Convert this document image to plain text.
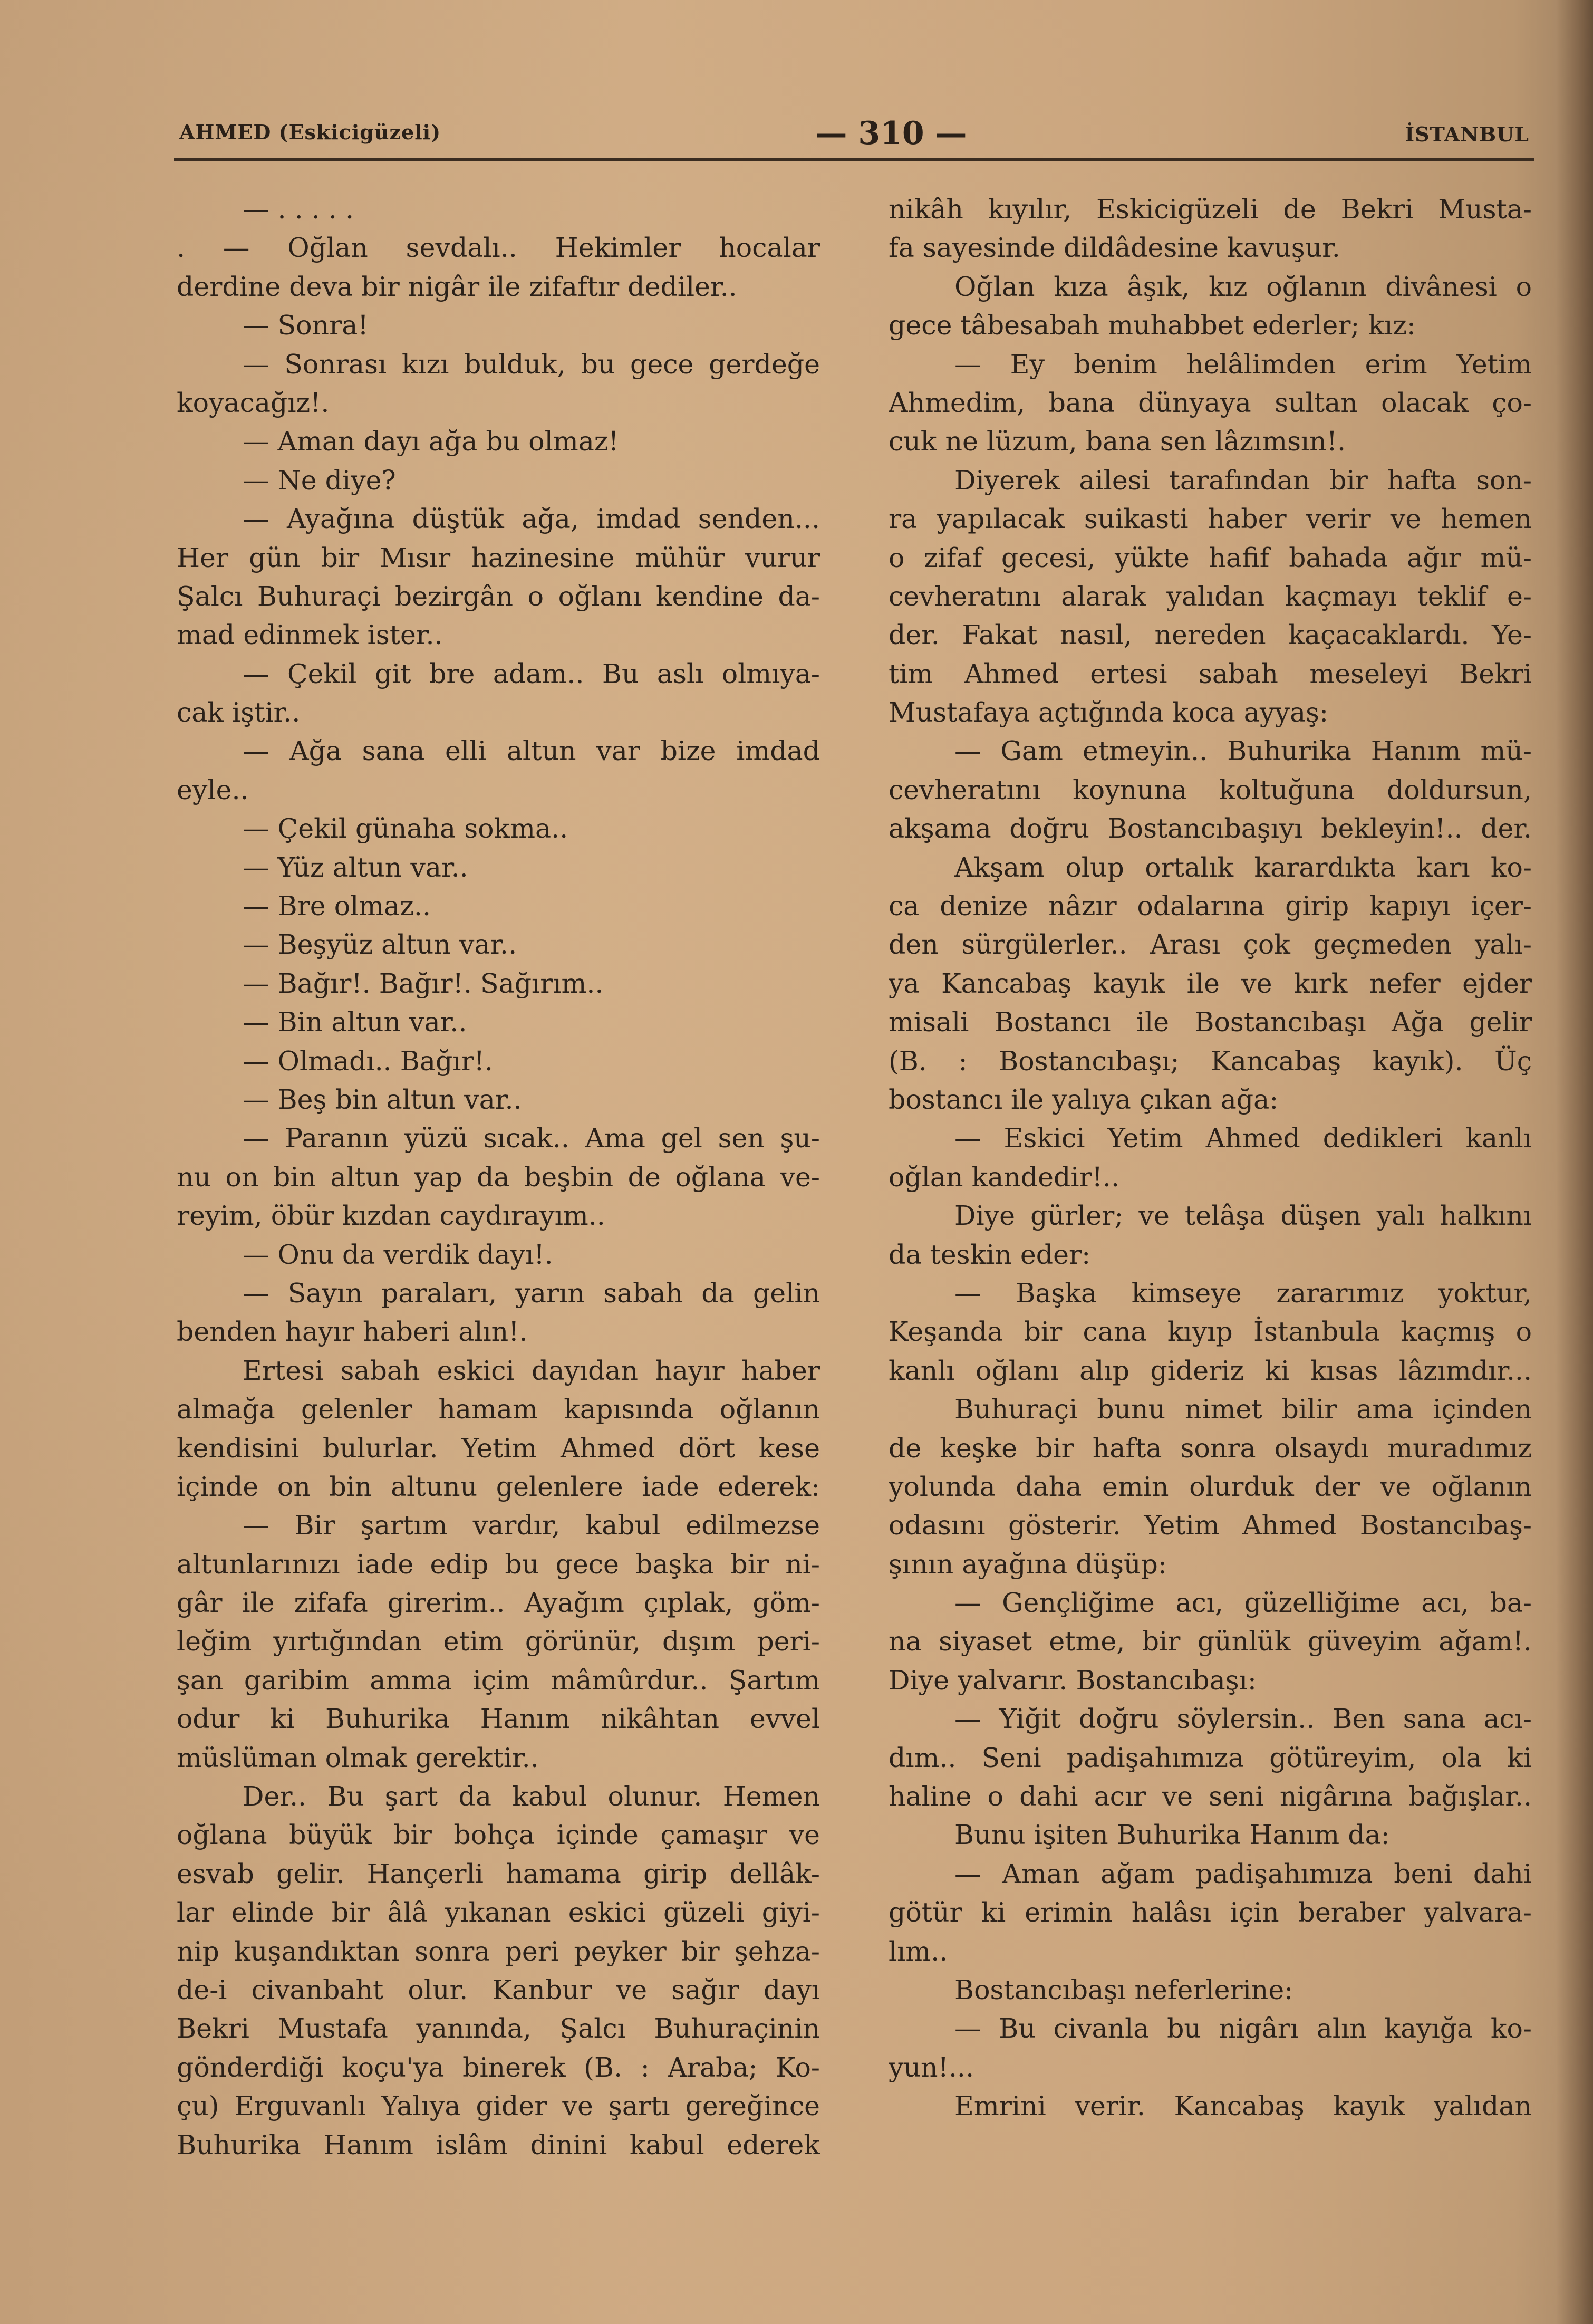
AHMED (Eskicigüzeli)	— 310 —	İSTANBUL
— . . . . .
. — Oğlan sevdalı.. Hekimler hocalar
derdine deva bir nigâr ile zifaftır dediler..
— Sonra!
— Sonrası kızı bulduk, bu gece gerdeğe
koyacağız!.
— Aman dayı ağa bu olmaz!
— Ne diye?
— Ayağına düştük ağa, imdad senden...
Her gün bir Mısır hazinesine mühür vurur
Şalcı Buhuraçi bezirgân o oğlanı kendine da-
mad edinmek ister..
— Çekil git bre adam.. Bu aslı olmıya-
cak iştir..
— Ağa sana elli altun var bize imdad
eyle..
— Çekil günaha sokma..
— Yüz altun var..
— Bre olmaz..
— Beşyüz altun var..
— Bağır!. Bağır!. Sağırım..
— Bin altun var..
— Olmadı.. Bağır!.
— Beş bin altun var..
— Paranın yüzü sıcak.. Ama gel sen şu-
nu on bin altun yap da beşbin de oğlana ve-
reyim, öbür kızdan caydırayım..
— Onu da verdik dayı!.
— Sayın paraları, yarın sabah da gelin
benden hayır haberi alın!.
Ertesi sabah eskici dayıdan hayır haber
almağa gelenler hamam kapısında oğlanın
kendisini bulurlar. Yetim Ahmed dört kese
içinde on bin altunu gelenlere iade ederek:
— Bir şartım vardır, kabul edilmezse
altunlarınızı iade edip bu gece başka bir ni-
gâr ile zifafa girerim.. Ayağım çıplak, göm-
leğim yırtığından etim görünür, dışım peri-
şan garibim amma içim mâmûrdur.. Şartım
odur ki Buhurika Hanım nikâhtan evvel
müslüman olmak gerektir..
Der.. Bu şart da kabul olunur. Hemen
oğlana büyük bir bohça içinde çamaşır ve
esvab gelir. Hançerli hamama girip dellâk-
lar elinde bir âlâ yıkanan eskici güzeli giyi-
nip kuşandıktan sonra peri peyker bir şehza-
de-i civanbaht olur. Kanbur ve sağır dayı
Bekri Mustafa yanında, Şalcı Buhuraçinin
gönderdiği koçu'ya binerek (B. : Araba; Ko-
çu) Erguvanlı Yalıya gider ve şartı gereğince
Buhurika Hanım islâm dinini kabul ederek
nikâh kıyılır, Eskicigüzeli de Bekri Musta-
fa sayesinde dildâdesine kavuşur.
Oğlan kıza âşık, kız oğlanın divânesi o
gece tâbesabah muhabbet ederler; kız:
— Ey benim helâlimden erim Yetim
Ahmedim, bana dünyaya sultan olacak ço-
cuk ne lüzum, bana sen lâzımsın!.
Diyerek ailesi tarafından bir hafta son-
ra yapılacak suikasti haber verir ve hemen
o zifaf gecesi, yükte hafif bahada ağır mü-
cevheratını alarak yalıdan kaçmayı teklif e-
der. Fakat nasıl, nereden kaçacaklardı. Ye-
tim Ahmed ertesi sabah meseleyi Bekri
Mustafaya açtığında koca ayyaş:
— Gam etmeyin.. Buhurika Hanım mü-
cevheratını koynuna koltuğuna doldursun,
akşama doğru Bostancıbaşıyı bekleyin!.. der.
Akşam olup ortalık karardıkta karı ko-
ca denize nâzır odalarına girip kapıyı içer-
den sürgülerler.. Arası çok geçmeden yalı-
ya Kancabaş kayık ile ve kırk nefer ejder
misali Bostancı ile Bostancıbaşı Ağa gelir
(B. : Bostancıbaşı; Kancabaş kayık). Üç
bostancı ile yalıya çıkan ağa:
— Eskici Yetim Ahmed dedikleri kanlı
oğlan kandedir!..
Diye gürler; ve telâşa düşen yalı halkını
da teskin eder:
— Başka kimseye zararımız yoktur,
Keşanda bir cana kıyıp İstanbula kaçmış o
kanlı oğlanı alıp gideriz ki kısas lâzımdır...
Buhuraçi bunu nimet bilir ama içinden
de keşke bir hafta sonra olsaydı muradımız
yolunda daha emin olurduk der ve oğlanın
odasını gösterir. Yetim Ahmed Bostancıbaş-
şının ayağına düşüp:
— Gençliğime acı, güzelliğime acı, ba-
na siyaset etme, bir günlük güveyim ağam!.
Diye yalvarır. Bostancıbaşı:
— Yiğit doğru söylersin.. Ben sana acı-
dım.. Seni padişahımıza götüreyim, ola ki
haline o dahi acır ve seni nigârına bağışlar..
Bunu işiten Buhurika Hanım da:
— Aman ağam padişahımıza beni dahi
götür ki erimin halâsı için beraber yalvara-
lım..
Bostancıbaşı neferlerine:
— Bu civanla bu nigârı alın kayığa ko-
yun!...
Emrini verir. Kancabaş kayık yalıdan
